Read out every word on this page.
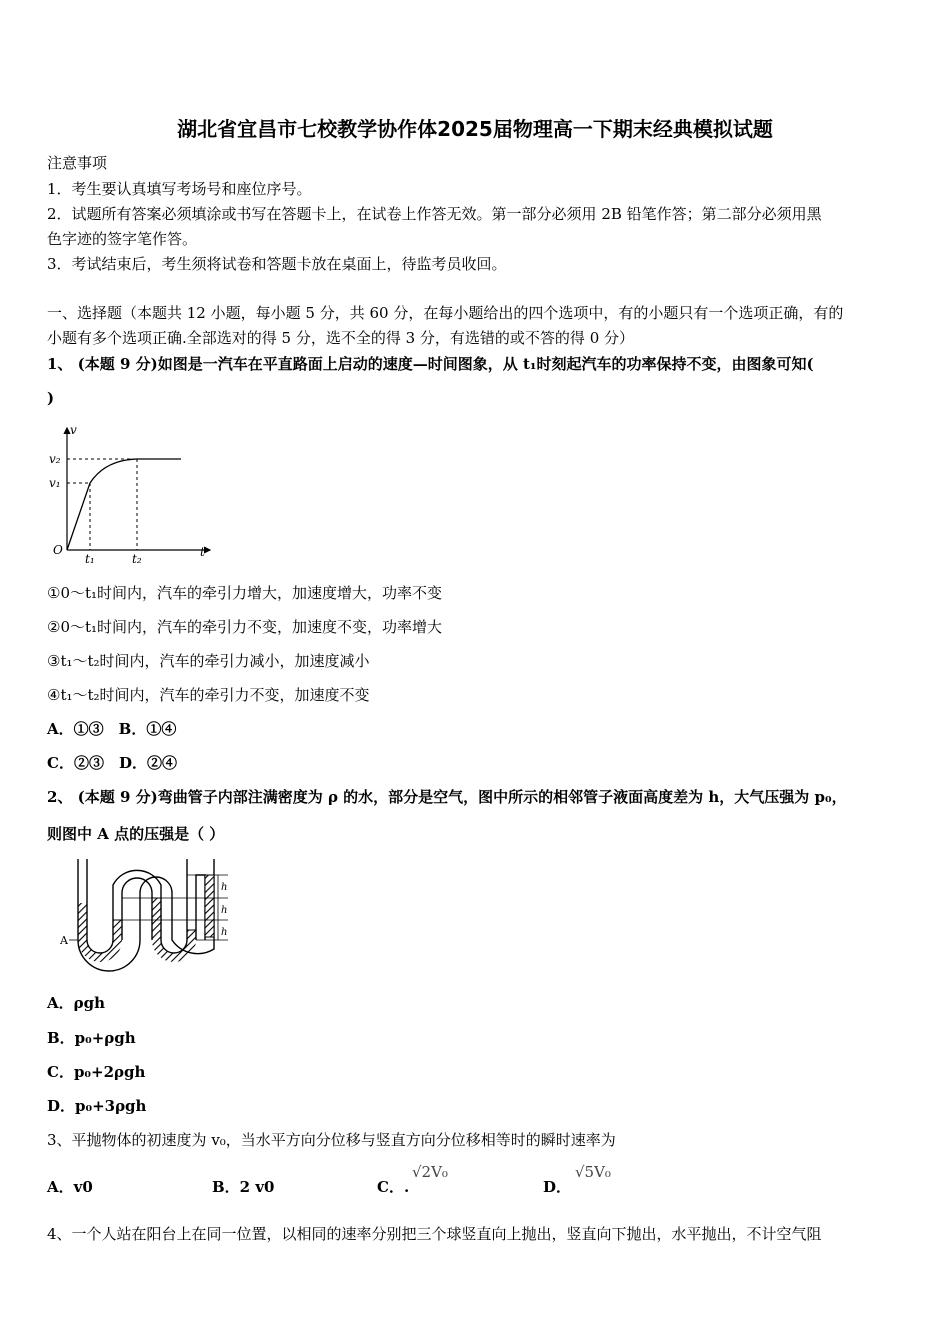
湖北省宜昌市七校教学协作体2025届物理高一下期末经典模拟试题
注意事项
1．考生要认真填写考场号和座位序号。
2．试题所有答案必须填涂或书写在答题卡上，在试卷上作答无效。第一部分必须用 2B 铅笔作答；第二部分必须用黑
色字迹的签字笔作答。
3．考试结束后，考生须将试卷和答题卡放在桌面上，待监考员收回。
一、选择题（本题共 12 小题，每小题 5 分，共 60 分，在每小题给出的四个选项中，有的小题只有一个选项正确，有的
小题有多个选项正确.全部选对的得 5 分，选不全的得 3 分，有选错的或不答的得 0 分）
1、 (本题 9 分)如图是一汽车在平直路面上启动的速度—时间图象，从 t₁时刻起汽车的功率保持不变，由图象可知(
)
v
v₂
v₁
O
t₁	t₂	t
①0～t₁时间内，汽车的牵引力增大，加速度增大，功率不变
②0～t₁时间内，汽车的牵引力不变，加速度不变，功率增大
③t₁～t₂时间内，汽车的牵引力减小，加速度减小
④t₁～t₂时间内，汽车的牵引力不变，加速度不变
A．①③　B．①④
C．②③　D．②④
2、 (本题 9 分)弯曲管子内部注满密度为 ρ 的水，部分是空气，图中所示的相邻管子液面高度差为 h，大气压强为 p₀，
则图中 A 点的压强是（ ）
h
h
h
A
A．ρgh
B．p₀+ρgh
C．p₀+2ρgh
D．p₀+3ρgh
3、平抛物体的初速度为 v₀，当水平方向分位移与竖直方向分位移相等时的瞬时速率为
A．v0	B．2 v0	C．.
√2V₀
D．
√5V₀
4、一个人站在阳台上在同一位置，以相同的速率分别把三个球竖直向上抛出，竖直向下抛出，水平抛出，不计空气阻
